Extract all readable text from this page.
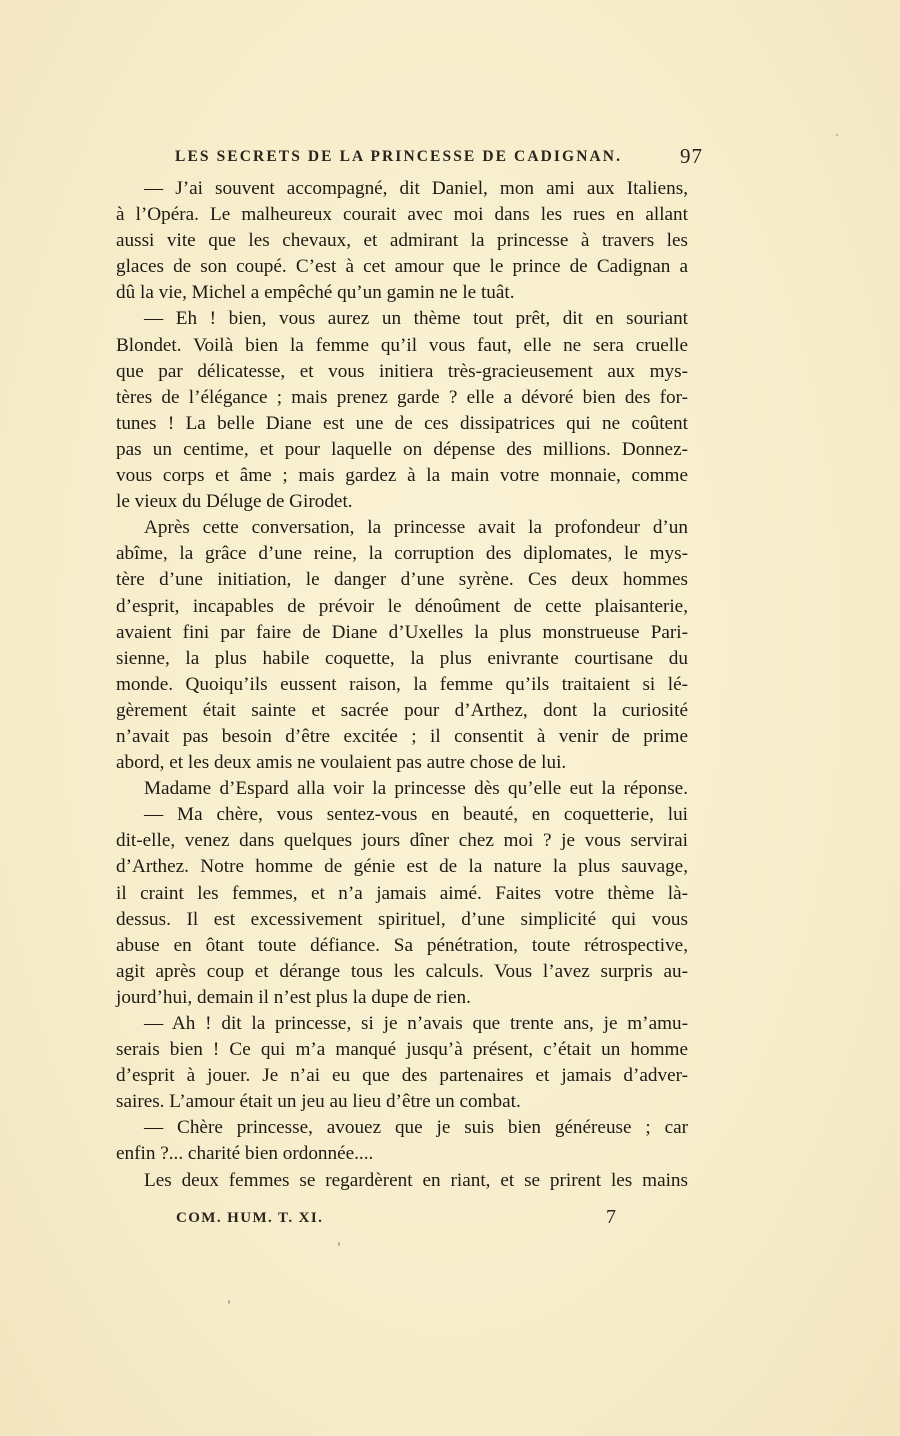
LES SECRETS DE LA PRINCESSE DE CADIGNAN.	97
— J’ai souvent accompagné, dit Daniel, mon ami aux Italiens,
à l’Opéra. Le malheureux courait avec moi dans les rues en allant
aussi vite que les chevaux, et admirant la princesse à travers les
glaces de son coupé. C’est à cet amour que le prince de Cadignan a
dû la vie, Michel a empêché qu’un gamin ne le tuât.
— Eh ! bien, vous aurez un thème tout prêt, dit en souriant
Blondet. Voilà bien la femme qu’il vous faut, elle ne sera cruelle
que par délicatesse, et vous initiera très-gracieusement aux mys-
tères de l’élégance ; mais prenez garde ? elle a dévoré bien des for-
tunes ! La belle Diane est une de ces dissipatrices qui ne coûtent
pas un centime, et pour laquelle on dépense des millions. Donnez-
vous corps et âme ; mais gardez à la main votre monnaie, comme
le vieux du Déluge de Girodet.
Après cette conversation, la princesse avait la profondeur d’un
abîme, la grâce d’une reine, la corruption des diplomates, le mys-
tère d’une initiation, le danger d’une syrène. Ces deux hommes
d’esprit, incapables de prévoir le dénoûment de cette plaisanterie,
avaient fini par faire de Diane d’Uxelles la plus monstrueuse Pari-
sienne, la plus habile coquette, la plus enivrante courtisane du
monde. Quoiqu’ils eussent raison, la femme qu’ils traitaient si lé-
gèrement était sainte et sacrée pour d’Arthez, dont la curiosité
n’avait pas besoin d’être excitée ; il consentit à venir de prime
abord, et les deux amis ne voulaient pas autre chose de lui.
Madame d’Espard alla voir la princesse dès qu’elle eut la réponse.
— Ma chère, vous sentez-vous en beauté, en coquetterie, lui
dit-elle, venez dans quelques jours dîner chez moi ? je vous servirai
d’Arthez. Notre homme de génie est de la nature la plus sauvage,
il craint les femmes, et n’a jamais aimé. Faites votre thème là-
dessus. Il est excessivement spirituel, d’une simplicité qui vous
abuse en ôtant toute défiance. Sa pénétration, toute rétrospective,
agit après coup et dérange tous les calculs. Vous l’avez surpris au-
jourd’hui, demain il n’est plus la dupe de rien.
— Ah ! dit la princesse, si je n’avais que trente ans, je m’amu-
serais bien ! Ce qui m’a manqué jusqu’à présent, c’était un homme
d’esprit à jouer. Je n’ai eu que des partenaires et jamais d’adver-
saires. L’amour était un jeu au lieu d’être un combat.
— Chère princesse, avouez que je suis bien généreuse ; car
enfin ?... charité bien ordonnée....
Les deux femmes se regardèrent en riant, et se prirent les mains
COM. HUM. T. XI.	7
